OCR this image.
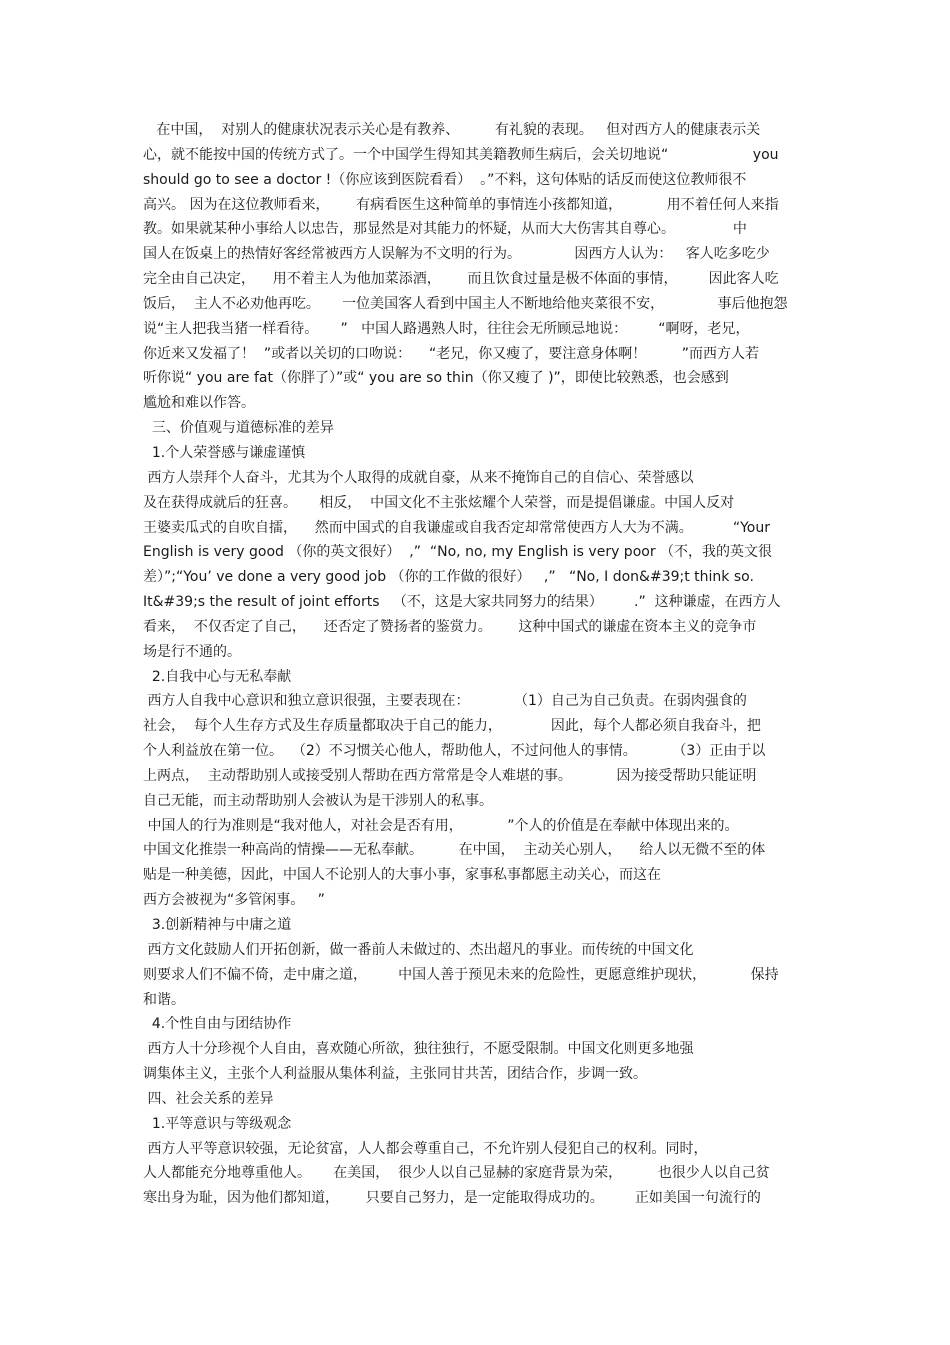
在中国，  对别人的健康状况表示关心是有教养、        有礼貌的表现。   但对西方人的健康表示关
心，就不能按中国的传统方式了。一个中国学生得知其美籍教师生病后，会关切地说“                   you
should go to see a doctor !（你应该到医院看看）  。”不料，这句体贴的话反而使这位教师很不
高兴。 因为在这位教师看来，      有病看医生这种简单的事情连小孩都知道，          用不着任何人来指
教。如果就某种小事给人以忠告，那显然是对其能力的怀疑，从而大大伤害其自尊心。             中
国人在饭桌上的热情好客经常被西方人误解为不文明的行为。            因西方人认为：   客人吃多吃少
完全由自己决定，    用不着主人为他加菜添酒，      而且饮食过量是极不体面的事情，       因此客人吃
饭后，  主人不必劝他再吃。     一位美国客人看到中国主人不断地给他夹菜很不安，            事后他抱怨
说“主人把我当猪一样看待。     ”   中国人路遇熟人时，往往会无所顾忌地说：       “啊呀，老兄，
你近来又发福了！  ”或者以关切的口吻说：    “老兄，你又瘦了，要注意身体啊！        ”而西方人若
听你说“ you are fat（你胖了）”或“ you are so thin（你又瘦了 )”，即使比较熟悉，也会感到
尴尬和难以作答。
三、价值观与道德标准的差异
1.个人荣誉感与谦虚谨慎
西方人崇拜个人奋斗，尤其为个人取得的成就自豪，从来不掩饰自己的自信心、荣誉感以
及在获得成就后的狂喜。     相反，  中国文化不主张炫耀个人荣誉，而是提倡谦虚。中国人反对
王婆卖瓜式的自吹自擂，    然而中国式的自我谦虚或自我否定却常常使西方人大为不满。         “Your
English is very good （你的英文很好）  ,”  “No, no, my English is very poor （不，我的英文很
差）”;“You’ ve done a very good job （你的工作做的很好）   ,”   “No, I don&#39;t think so.
It&#39;s the result of joint efforts   （不，这是大家共同努力的结果）       .”  这种谦虚，在西方人
看来，  不仅否定了自己，    还否定了赞扬者的鉴赏力。      这种中国式的谦虚在资本主义的竞争市
场是行不通的。
2.自我中心与无私奉献
西方人自我中心意识和独立意识很强，主要表现在：          （1）自己为自己负责。在弱肉强食的
社会，  每个人生存方式及生存质量都取决于自己的能力，           因此，每个人都必须自我奋斗，把
个人利益放在第一位。  （2）不习惯关心他人，帮助他人，不过问他人的事情。        （3）正由于以
上两点，  主动帮助别人或接受别人帮助在西方常常是令人难堪的事。          因为接受帮助只能证明
自己无能，而主动帮助别人会被认为是干涉别人的私事。
中国人的行为准则是“我对他人，对社会是否有用，          ”个人的价值是在奉献中体现出来的。
中国文化推崇一种高尚的情操——无私奉献。        在中国，  主动关心别人，    给人以无微不至的体
贴是一种美德，因此，中国人不论别人的大事小事，家事私事都愿主动关心，而这在
西方会被视为“多管闲事。   ”
3.创新精神与中庸之道
西方文化鼓励人们开拓创新，做一番前人未做过的、杰出超凡的事业。而传统的中国文化
则要求人们不偏不倚，走中庸之道，       中国人善于预见未来的危险性，更愿意维护现状，          保持
和谐。
4.个性自由与团结协作
西方人十分珍视个人自由，喜欢随心所欲，独往独行，不愿受限制。中国文化则更多地强
调集体主义，主张个人利益服从集体利益，主张同甘共苦，团结合作，步调一致。
四、社会关系的差异
1.平等意识与等级观念
西方人平等意识较强，无论贫富，人人都会尊重自己，不允许别人侵犯自己的权利。同时，
人人都能充分地尊重他人。     在美国，  很少人以自己显赫的家庭背景为荣，        也很少人以自己贫
寒出身为耻，因为他们都知道，      只要自己努力，是一定能取得成功的。       正如美国一句流行的
